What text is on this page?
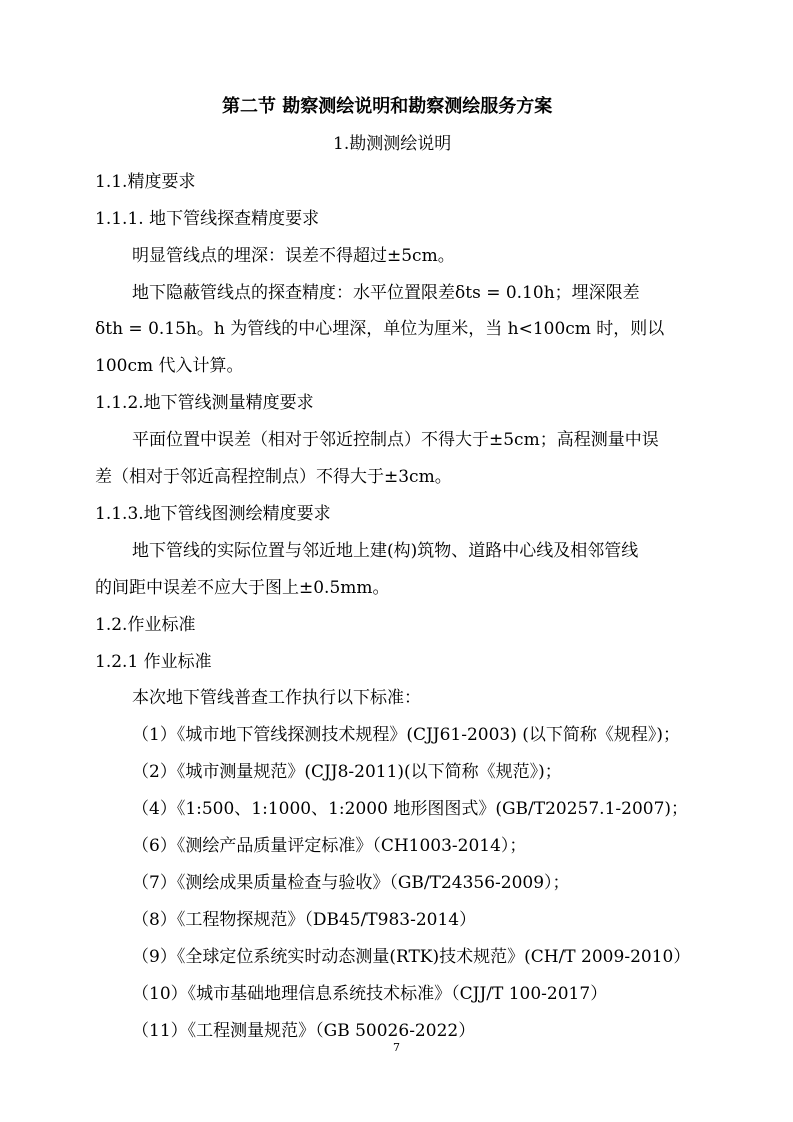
第二节 勘察测绘说明和勘察测绘服务方案
1.勘测测绘说明
1.1.精度要求
1.1.1. 地下管线探查精度要求
明显管线点的埋深：误差不得超过±5cm。
地下隐蔽管线点的探查精度：水平位置限差δts = 0.10h；埋深限差
δth = 0.15h。h 为管线的中心埋深，单位为厘米，当 h<100cm 时，则以
100cm 代入计算。
1.1.2.地下管线测量精度要求
平面位置中误差（相对于邻近控制点）不得大于±5cm；高程测量中误
差（相对于邻近高程控制点）不得大于±3cm。
1.1.3.地下管线图测绘精度要求
地下管线的实际位置与邻近地上建(构)筑物、道路中心线及相邻管线
的间距中误差不应大于图上±0.5mm。
1.2.作业标准
1.2.1 作业标准
本次地下管线普查工作执行以下标准：
（1）《城市地下管线探测技术规程》(CJJ61-2003) (以下简称《规程》)；
（2）《城市测量规范》(CJJ8-2011)(以下简称《规范》)；
（4）《1:500、1:1000、1:2000 地形图图式》(GB/T20257.1-2007)；
（6）《测绘产品质量评定标准》（CH1003-2014）；
（7）《测绘成果质量检查与验收》（GB/T24356-2009）；
（8）《工程物探规范》（DB45/T983-2014）
（9）《全球定位系统实时动态测量(RTK)技术规范》(CH/T 2009-2010）
（10）《城市基础地理信息系统技术标准》（CJJ/T 100-2017）
（11）《工程测量规范》（GB 50026-2022）
7
